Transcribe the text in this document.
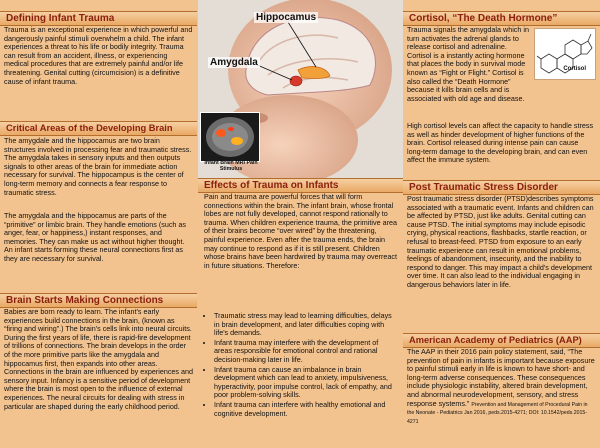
Defining Infant Trauma

Trauma is an exceptional experience in which powerful and dangerously painful stimuli overwhelm a child. The infant experiences a threat to his life or bodily integrity. Trauma can result from an accident, illness, or experiencing medical procedures that are extremely painful and/or life threatening. Genital cutting (circumcision) is a definitive cause of infant trauma.

Critical Areas of the Developing Brain

The amygdale and the hippocamus are two brain structures involved in processing fear and traumatic stress. The amygdala takes in sensory inputs and then outputs signals to other areas of the brain for immediate action necessary for survival. The hippocampus is the center of long-term memory and connects a fear response to traumatic stress.

The amygdala and the hippocamus are parts of the “primitive” or limbic brain. They handle emotions (such as anger, fear, or happiness,) instant responses, and memories. They can make us act without higher thought. An infant starts forming these neural connections first as they are necessary for survival.

Brain Starts Making Connections

Babies are born ready to learn. The infant's early experiences build connections in the brain, (known as “firing and wiring”.) The brain's cells link into neural circuits. During the first years of life, there is rapid-fire development of trillions of connections. The brain develops in the order of the more primitive parts like the amygdala and hippocamus first, then expands into other areas. Connections in the brain are influenced by experiences and sensory input. Infancy is a sensitive period of development where the brain is most open to the influence of external experiences. The neural circuits for dealing with stress in particular are shaped during the early childhood period.

Hippocamus
Amygdala
Infant Brain MRI Pain Stimulus
Effects of Trauma on Infants

Pain and trauma are powerful forces that will form connections within the brain. The infant brain, whose frontal lobes are not fully developed, cannot respond rationally to trauma. When children experience trauma, the primitive area of their brains become “over wired” by the threatening, painful experience. Even after the trauma ends, the brain may continue to respond as if it is still present. Children whose brains have been hardwired by trauma may overreact in future situations. Therefore:

• Traumatic stress may lead to learning difficulties, delays in brain development, and later difficulties coping with life's demands.
• Infant trauma may interfere with the development of areas responsible for emotional control and rational decision-making later in life.
• Infant trauma can cause an imbalance in brain development which can lead to anxiety, impulsiveness, hyperactivity, poor impulse control, lack of empathy, and poor problem-solving skills.
• Infant trauma can interfere with healthy emotional and cognitive development.
Cortisol, “The Death Hormone”

Trauma signals the amygdala which in turn activates the adrenal glands to release cortisol and adrenaline. Cortisol is a instantly acting hormone that places the body in survival mode known as “Fight or Flight.” Cortisol is also called the “Death Hormone” because it kills brain cells and is associated with old age and disease.

Cortisol

High cortisol levels can affect the capacity to handle stress as well as hinder development of higher functions of the brain. Cortisol released during intense pain can cause long-term damage to the developing brain, and can even affect the immune system.

Post Traumatic Stress Disorder

Post traumatic stress disorder (PTSD)describes symptoms associated with a traumatic event. Infants and children can be affected by PTSD, just like adults. Genital cutting can cause PTSD. The initial symptoms may include episodic crying, physical reactions, flashbacks, startle reaction, or refusal to breast-feed. PTSD from exposure to an early traumatic experience can result in emotional problems, feelings of abandonment, insecurity, and the inability to respond to danger. This may impact a child's development over time. It can also lead to the individual engaging in dangerous behaviors later in life.

American Academy of Pediatrics (AAP)

The AAP in their 2016 pain policy statement, said, “The prevention of pain in infants is important because exposure to painful stimuli early in life is known to have short- and long-term adverse consequences. These consequences include physiologic instability, altered brain development, and abnormal neurodevelopment, sensory, and stress response systems.” Prevention and Management of Procedural Pain in the Neonate - Pediatrics Jan 2016, peds.2015-4271; DOI: 10.1542/peds.2015-4271
